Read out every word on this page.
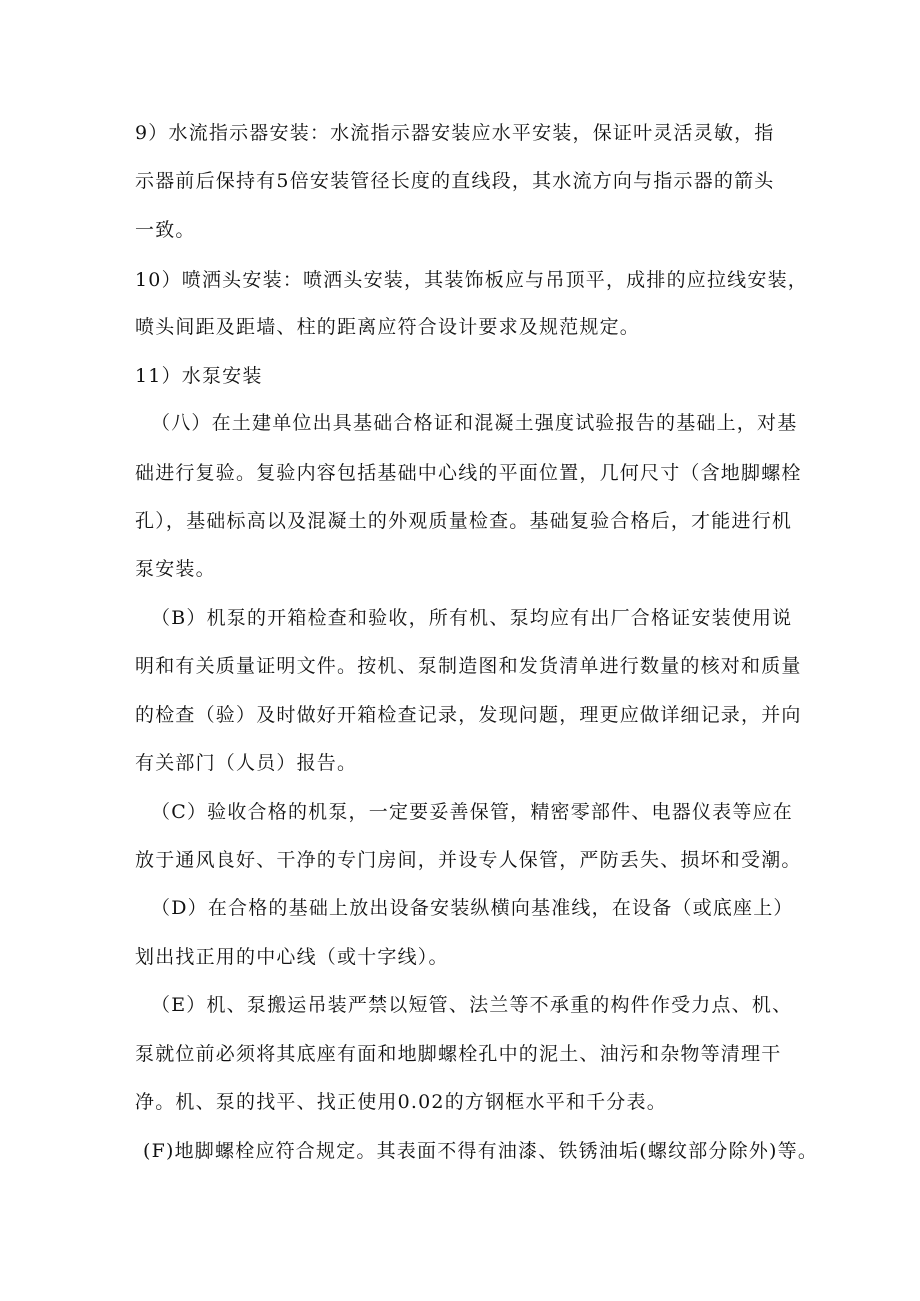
9）水流指示器安装：水流指示器安装应水平安装，保证叶灵活灵敏，指
示器前后保持有5倍安装管径长度的直线段，其水流方向与指示器的箭头
一致。
10）喷洒头安装：喷洒头安装，其装饰板应与吊顶平，成排的应拉线安装，
喷头间距及距墙、柱的距离应符合设计要求及规范规定。
11）水泵安装
（八）在土建单位出具基础合格证和混凝土强度试验报告的基础上，对基
础进行复验。复验内容包括基础中心线的平面位置，几何尺寸（含地脚螺栓
孔），基础标高以及混凝土的外观质量检查。基础复验合格后，才能进行机
泵安装。
（B）机泵的开箱检查和验收，所有机、泵均应有出厂合格证安装使用说
明和有关质量证明文件。按机、泵制造图和发货清单进行数量的核对和质量
的检查（验）及时做好开箱检查记录，发现问题，理更应做详细记录，并向
有关部门（人员）报告。
（C）验收合格的机泵，一定要妥善保管，精密零部件、电器仪表等应在
放于通风良好、干净的专门房间，并设专人保管，严防丢失、损坏和受潮。
（D）在合格的基础上放出设备安装纵横向基准线，在设备（或底座上）
划出找正用的中心线（或十字线）。
（E）机、泵搬运吊装严禁以短管、法兰等不承重的构件作受力点、机、
泵就位前必须将其底座有面和地脚螺栓孔中的泥土、油污和杂物等清理干
净。机、泵的找平、找正使用0.02的方钢框水平和千分表。
(F)地脚螺栓应符合规定。其表面不得有油漆、铁锈油垢(螺纹部分除外)等。
